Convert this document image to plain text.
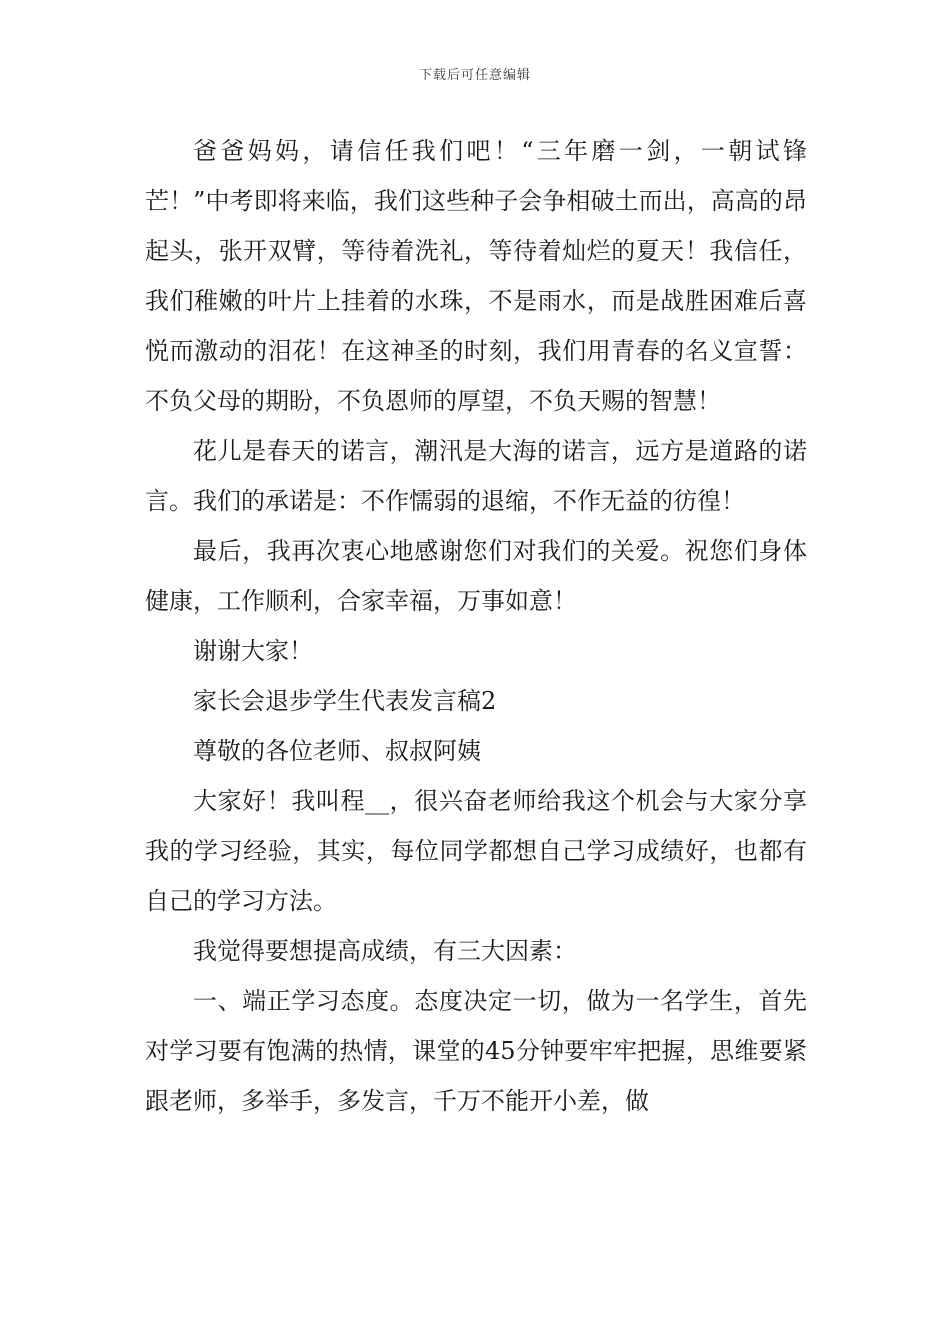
下载后可任意编辑

爸爸妈妈，请信任我们吧！“三年磨一剑，一朝试锋芒！”中考即将来临，我们这些种子会争相破土而出，高高的昂起头，张开双臂，等待着洗礼，等待着灿烂的夏天！我信任，我们稚嫩的叶片上挂着的水珠，不是雨水，而是战胜困难后喜悦而激动的泪花！在这神圣的时刻，我们用青春的名义宣誓：不负父母的期盼，不负恩师的厚望，不负天赐的智慧！

花儿是春天的诺言，潮汛是大海的诺言，远方是道路的诺言。我们的承诺是：不作懦弱的退缩，不作无益的彷徨！

最后，我再次衷心地感谢您们对我们的关爱。祝您们身体健康，工作顺利，合家幸福，万事如意！

谢谢大家！

家长会退步学生代表发言稿2

尊敬的各位老师、叔叔阿姨

大家好！我叫程__，很兴奋老师给我这个机会与大家分享我的学习经验，其实，每位同学都想自己学习成绩好，也都有自己的学习方法。

我觉得要想提高成绩，有三大因素：

一、端正学习态度。态度决定一切，做为一名学生，首先对学习要有饱满的热情，课堂的45分钟要牢牢把握，思维要紧跟老师，多举手，多发言，千万不能开小差，做
